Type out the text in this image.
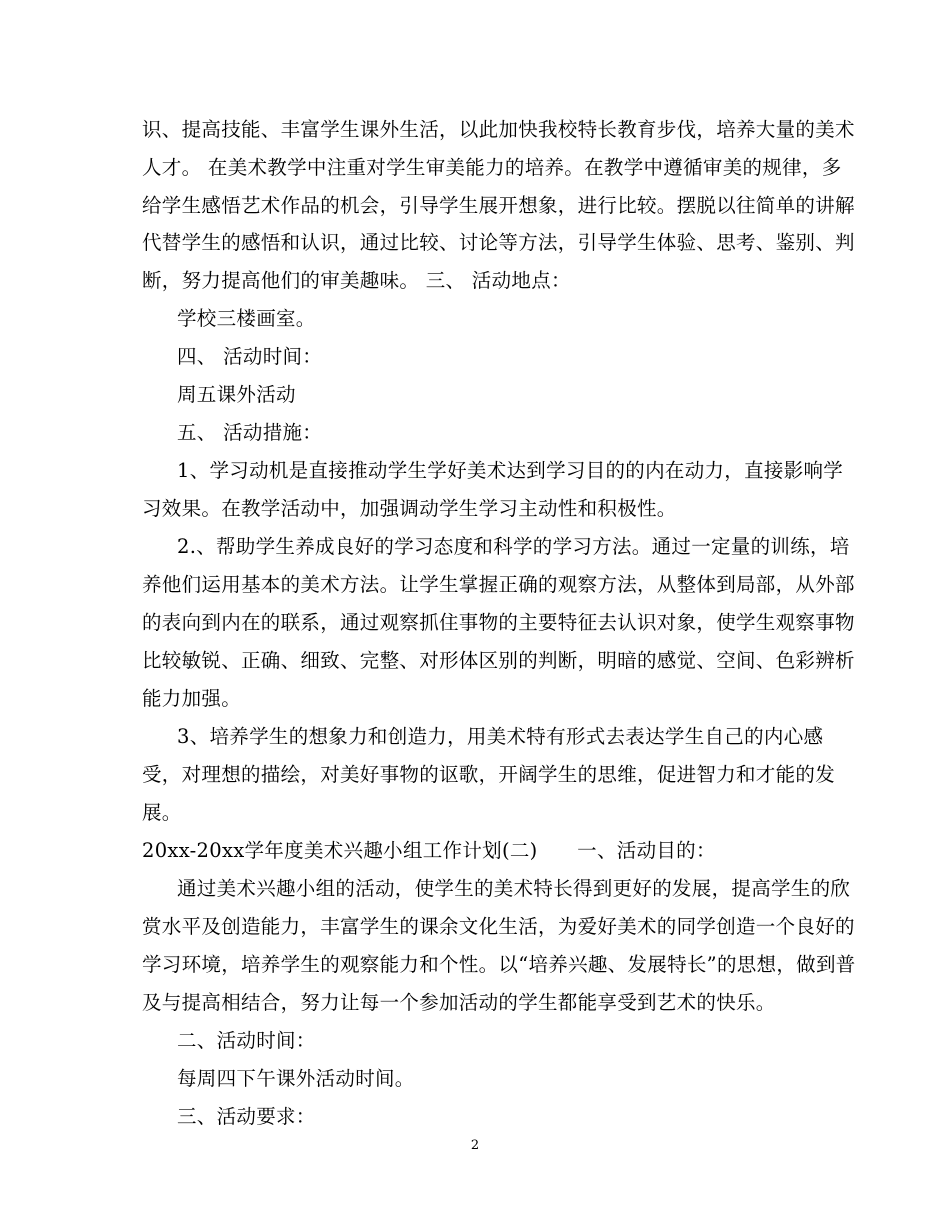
识、提高技能、丰富学生课外生活，以此加快我校特长教育步伐，培养大量的美术
人才。 在美术教学中注重对学生审美能力的培养。在教学中遵循审美的规律，多
给学生感悟艺术作品的机会，引导学生展开想象，进行比较。摆脱以往简单的讲解
代替学生的感悟和认识，通过比较、讨论等方法，引导学生体验、思考、鉴别、判
断，努力提高他们的审美趣味。 三、 活动地点：
学校三楼画室。
四、 活动时间：
周五课外活动
五、 活动措施：
1、学习动机是直接推动学生学好美术达到学习目的的内在动力，直接影响学
习效果。在教学活动中，加强调动学生学习主动性和积极性。
2.、帮助学生养成良好的学习态度和科学的学习方法。通过一定量的训练，培
养他们运用基本的美术方法。让学生掌握正确的观察方法，从整体到局部，从外部
的表向到内在的联系，通过观察抓住事物的主要特征去认识对象，使学生观察事物
比较敏锐、正确、细致、完整、对形体区别的判断，明暗的感觉、空间、色彩辨析
能力加强。
3、培养学生的想象力和创造力，用美术特有形式去表达学生自己的内心感
受，对理想的描绘，对美好事物的讴歌，开阔学生的思维，促进智力和才能的发
展。
20xx-20xx学年度美术兴趣小组工作计划(二)　　一、活动目的：
通过美术兴趣小组的活动，使学生的美术特长得到更好的发展，提高学生的欣
赏水平及创造能力，丰富学生的课余文化生活，为爱好美术的同学创造一个良好的
学习环境，培养学生的观察能力和个性。以“培养兴趣、发展特长”的思想，做到普
及与提高相结合，努力让每一个参加活动的学生都能享受到艺术的快乐。
二、活动时间：
每周四下午课外活动时间。
三、活动要求：
2
